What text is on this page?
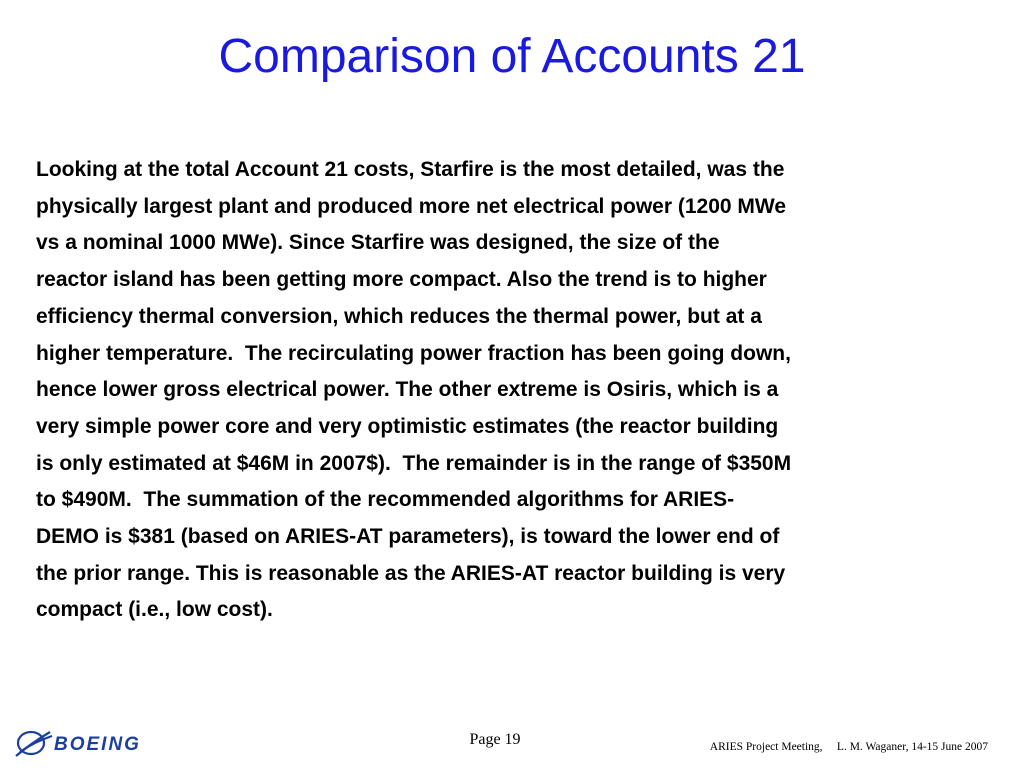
Comparison of Accounts 21
Looking at the total Account 21 costs, Starfire is the most detailed, was the
physically largest plant and produced more net electrical power (1200 MWe
vs a nominal 1000 MWe). Since Starfire was designed, the size of the
reactor island has been getting more compact. Also the trend is to higher
efficiency thermal conversion, which reduces the thermal power, but at a
higher temperature.  The recirculating power fraction has been going down,
hence lower gross electrical power. The other extreme is Osiris, which is a
very simple power core and very optimistic estimates (the reactor building
is only estimated at $46M in 2007$).  The remainder is in the range of $350M
to $490M.  The summation of the recommended algorithms for ARIES-
DEMO is $381 (based on ARIES-AT parameters), is toward the lower end of
the prior range. This is reasonable as the ARIES-AT reactor building is very
compact (i.e., low cost).
BOEING	Page 19	ARIES Project Meeting,     L. M. Waganer, 14-15 June 2007
